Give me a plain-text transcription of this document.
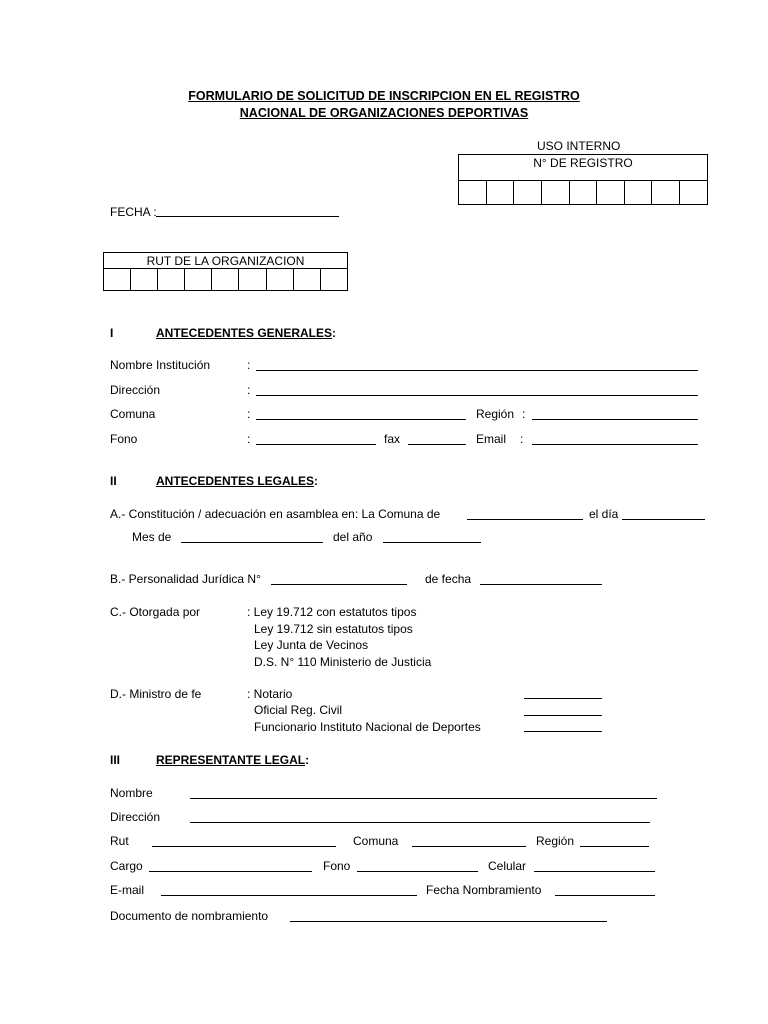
FORMULARIO DE SOLICITUD DE INSCRIPCION EN EL REGISTRO
NACIONAL DE ORGANIZACIONES DEPORTIVAS
USO INTERNO
N° DE REGISTRO

FECHA :
RUT DE LA ORGANIZACION

I	ANTECEDENTES GENERALES:
Nombre Institución	:
Dirección	:
Comuna	:	Región :
Fono	:	fax	Email :
II	ANTECEDENTES LEGALES:
A.- Constitución / adecuación en asamblea en: La Comuna de	el día
Mes de	del año
B.- Personalidad Jurídica N°	de fecha
C.- Otorgada por	: Ley 19.712 con estatutos tipos
Ley 19.712 sin estatutos tipos
Ley Junta de Vecinos
D.S. N° 110 Ministerio de Justicia
D.- Ministro de fe	: Notario
Oficial Reg. Civil
Funcionario Instituto Nacional de Deportes
III	REPRESENTANTE LEGAL:
Nombre
Dirección
Rut	Comuna	Región
Cargo	Fono	Celular
E-mail	Fecha Nombramiento
Documento de nombramiento
